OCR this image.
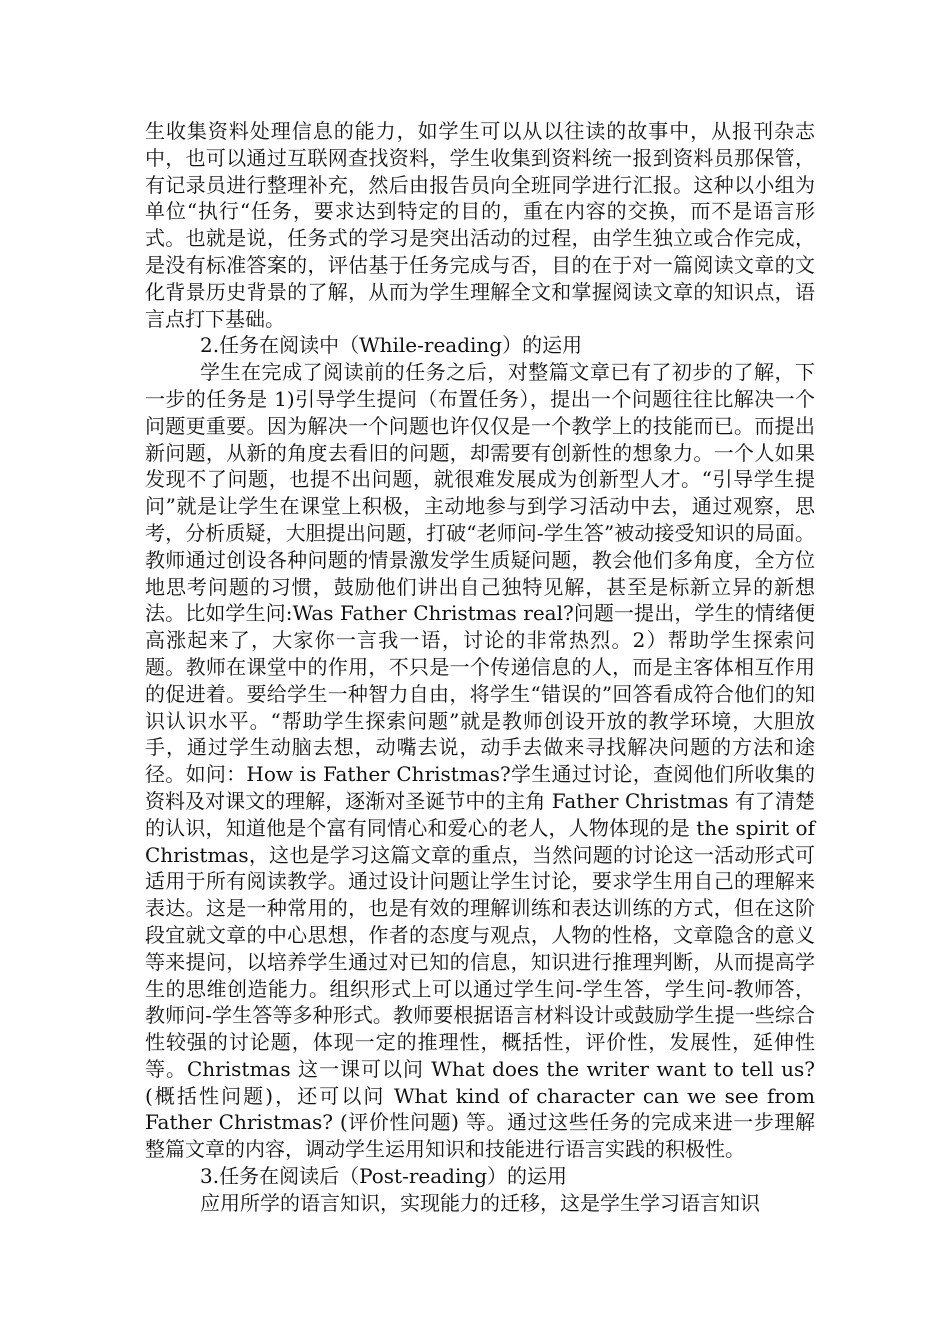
生收集资料处理信息的能力，如学生可以从以往读的故事中，从报刊杂志中，也可以通过互联网查找资料，学生收集到资料统一报到资料员那保管，有记录员进行整理补充，然后由报告员向全班同学进行汇报。这种以小组为单位“执行“任务，要求达到特定的目的，重在内容的交换，而不是语言形式。也就是说，任务式的学习是突出活动的过程，由学生独立或合作完成，是没有标准答案的，评估基于任务完成与否，目的在于对一篇阅读文章的文化背景历史背景的了解，从而为学生理解全文和掌握阅读文章的知识点，语言点打下基础。

2.任务在阅读中（While-reading）的运用

学生在完成了阅读前的任务之后，对整篇文章已有了初步的了解，下一步的任务是 1)引导学生提问（布置任务），提出一个问题往往比解决一个问题更重要。因为解决一个问题也许仅仅是一个教学上的技能而已。而提出新问题，从新的角度去看旧的问题，却需要有创新性的想象力。一个人如果发现不了问题，也提不出问题，就很难发展成为创新型人才。“引导学生提问”就是让学生在课堂上积极，主动地参与到学习活动中去，通过观察，思考，分析质疑，大胆提出问题，打破“老师问-学生答”被动接受知识的局面。教师通过创设各种问题的情景激发学生质疑问题，教会他们多角度，全方位地思考问题的习惯，鼓励他们讲出自己独特见解，甚至是标新立异的新想法。比如学生问:Was Father Christmas real?问题一提出，学生的情绪便高涨起来了，大家你一言我一语，讨论的非常热烈。2）帮助学生探索问题。教师在课堂中的作用，不只是一个传递信息的人，而是主客体相互作用的促进着。要给学生一种智力自由，将学生“错误的”回答看成符合他们的知识认识水平。“帮助学生探索问题”就是教师创设开放的教学环境，大胆放手，通过学生动脑去想，动嘴去说，动手去做来寻找解决问题的方法和途径。如问：How is Father Christmas?学生通过讨论，查阅他们所收集的资料及对课文的理解，逐渐对圣诞节中的主角 Father Christmas 有了清楚的认识，知道他是个富有同情心和爱心的老人，人物体现的是 the spirit of Christmas，这也是学习这篇文章的重点，当然问题的讨论这一活动形式可适用于所有阅读教学。通过设计问题让学生讨论，要求学生用自己的理解来表达。这是一种常用的，也是有效的理解训练和表达训练的方式，但在这阶段宜就文章的中心思想，作者的态度与观点，人物的性格，文章隐含的意义等来提问，以培养学生通过对已知的信息，知识进行推理判断，从而提高学生的思维创造能力。组织形式上可以通过学生问-学生答，学生问-教师答，教师问-学生答等多种形式。教师要根据语言材料设计或鼓励学生提一些综合性较强的讨论题，体现一定的推理性，概括性，评价性，发展性，延伸性等。Christmas 这一课可以问 What does the writer want to tell us?(概括性问题)，还可以问 What kind of character can we see from Father Christmas? (评价性问题) 等。通过这些任务的完成来进一步理解整篇文章的内容，调动学生运用知识和技能进行语言实践的积极性。

3.任务在阅读后（Post-reading）的运用

应用所学的语言知识，实现能力的迁移，这是学生学习语言知识
